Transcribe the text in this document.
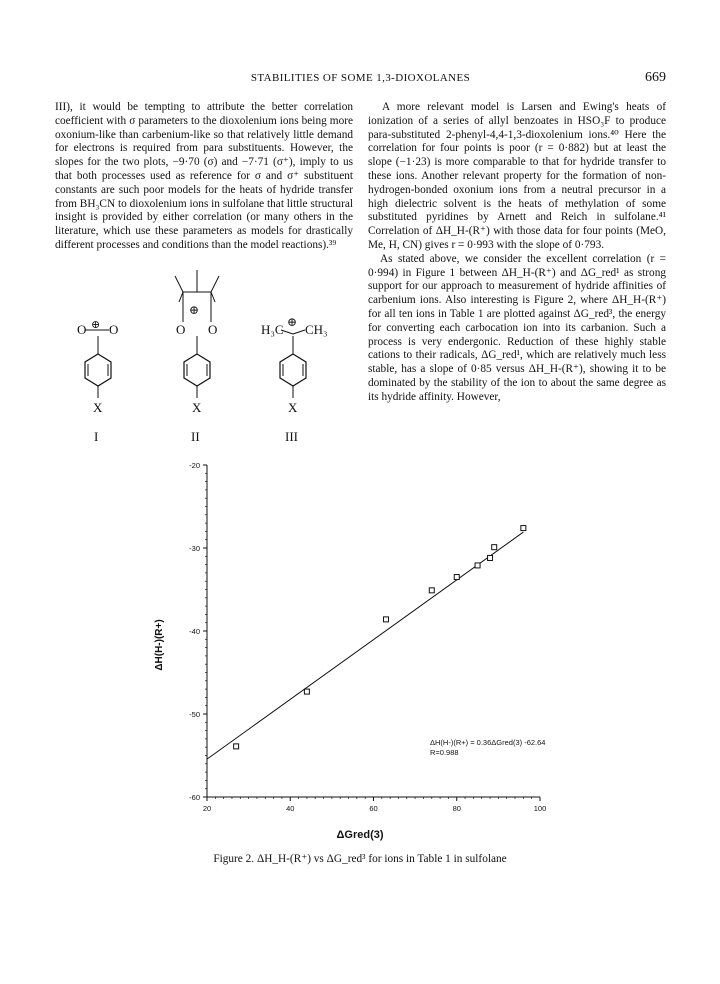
STABILITIES OF SOME 1,3-DIOXOLANES	669

III), it would be tempting to attribute the better correlation coefficient with σ parameters to the dioxolenium ions being more oxonium-like than carbenium-like so that relatively little demand for electrons is required from para substituents. However, the slopes for the two plots, −9·70 (σ) and −7·71 (σ⁺), imply to us that both processes used as reference for σ and σ⁺ substituent constants are such poor models for the heats of hydride transfer from BH₃CN to dioxolenium ions in sulfolane that little structural insight is provided by either correlation (or many others in the literature, which use these parameters as models for drastically different processes and conditions than the model reactions).³⁹

A more relevant model is Larsen and Ewing's heats of ionization of a series of allyl benzoates in HSO₃F to produce para-substituted 2-phenyl-4,4-1,3-dioxolenium ions.⁴⁰ Here the correlation for four points is poor (r = 0·882) but at least the slope (−1·23) is more comparable to that for hydride transfer to these ions. Another relevant property for the formation of non-hydrogen-bonded oxonium ions from a neutral precursor in a high dielectric solvent is the heats of methylation of some substituted pyridines by Arnett and Reich in sulfolane.⁴¹ Correlation of ΔH_H-(R⁺) with those data for four points (MeO, Me, H, CN) gives r = 0·993 with the slope of 0·793.

As stated above, we consider the excellent correlation (r = 0·994) in Figure 1 between ΔH_H-(R⁺) and ΔG_red¹ as strong support for our approach to measurement of hydride affinities of carbenium ions. Also interesting is Figure 2, where ΔH_H-(R⁺) for all ten ions in Table 1 are plotted against ΔG_red³, the energy for converting each carbocation ion into its carbanion. Such a process is very endergonic. Reduction of these highly stable cations to their radicals, ΔG_red¹, which are relatively much less stable, has a slope of 0·85 versus ΔH_H-(R⁺), showing it to be dominated by the stability of the ion to about the same degree as its hydride affinity. However,

O O
⊕
X
I
⊕
O O
X
II
H₃C ⊕ CH₃
X
III
-20
-30
-40
-50
-60
20	40	60	80	100
ΔH(H-)(R+) = 0.36ΔGred(3) -62.64
R=0.988
ΔGred(3)
ΔH(H-)(R+)
Figure 2. ΔH_H-(R⁺) vs ΔG_red³ for ions in Table 1 in sulfolane
